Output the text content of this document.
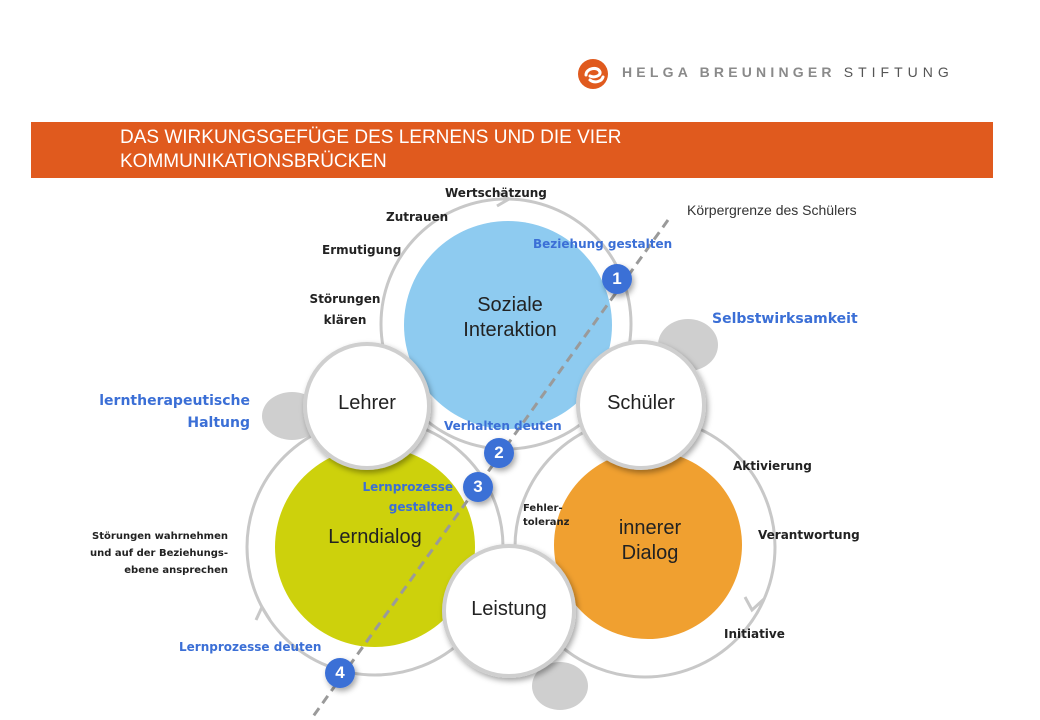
HELGA BREUNINGER STIFTUNG
DAS WIRKUNGSGEFÜGE DES LERNENS UND DIE VIER
KOMMUNIKATIONSBRÜCKEN
1
2
3
4
Soziale
Interaktion
Lehrer	Schüler
Lerndialog	innerer
Dialog
Leistung
Wertschätzung
Zutrauen
Ermutigung
Störungen
klären
Körpergrenze des Schülers
Beziehung gestalten
Selbstwirksamkeit
lerntherapeutische
Haltung	Verhalten deuten
Lernprozesse
gestalten
Aktivierung
Fehler-
toleranz
Verantwortung
Störungen wahrnehmen
und auf der Beziehungs-
ebene ansprechen
Initiative
Lernprozesse deuten
